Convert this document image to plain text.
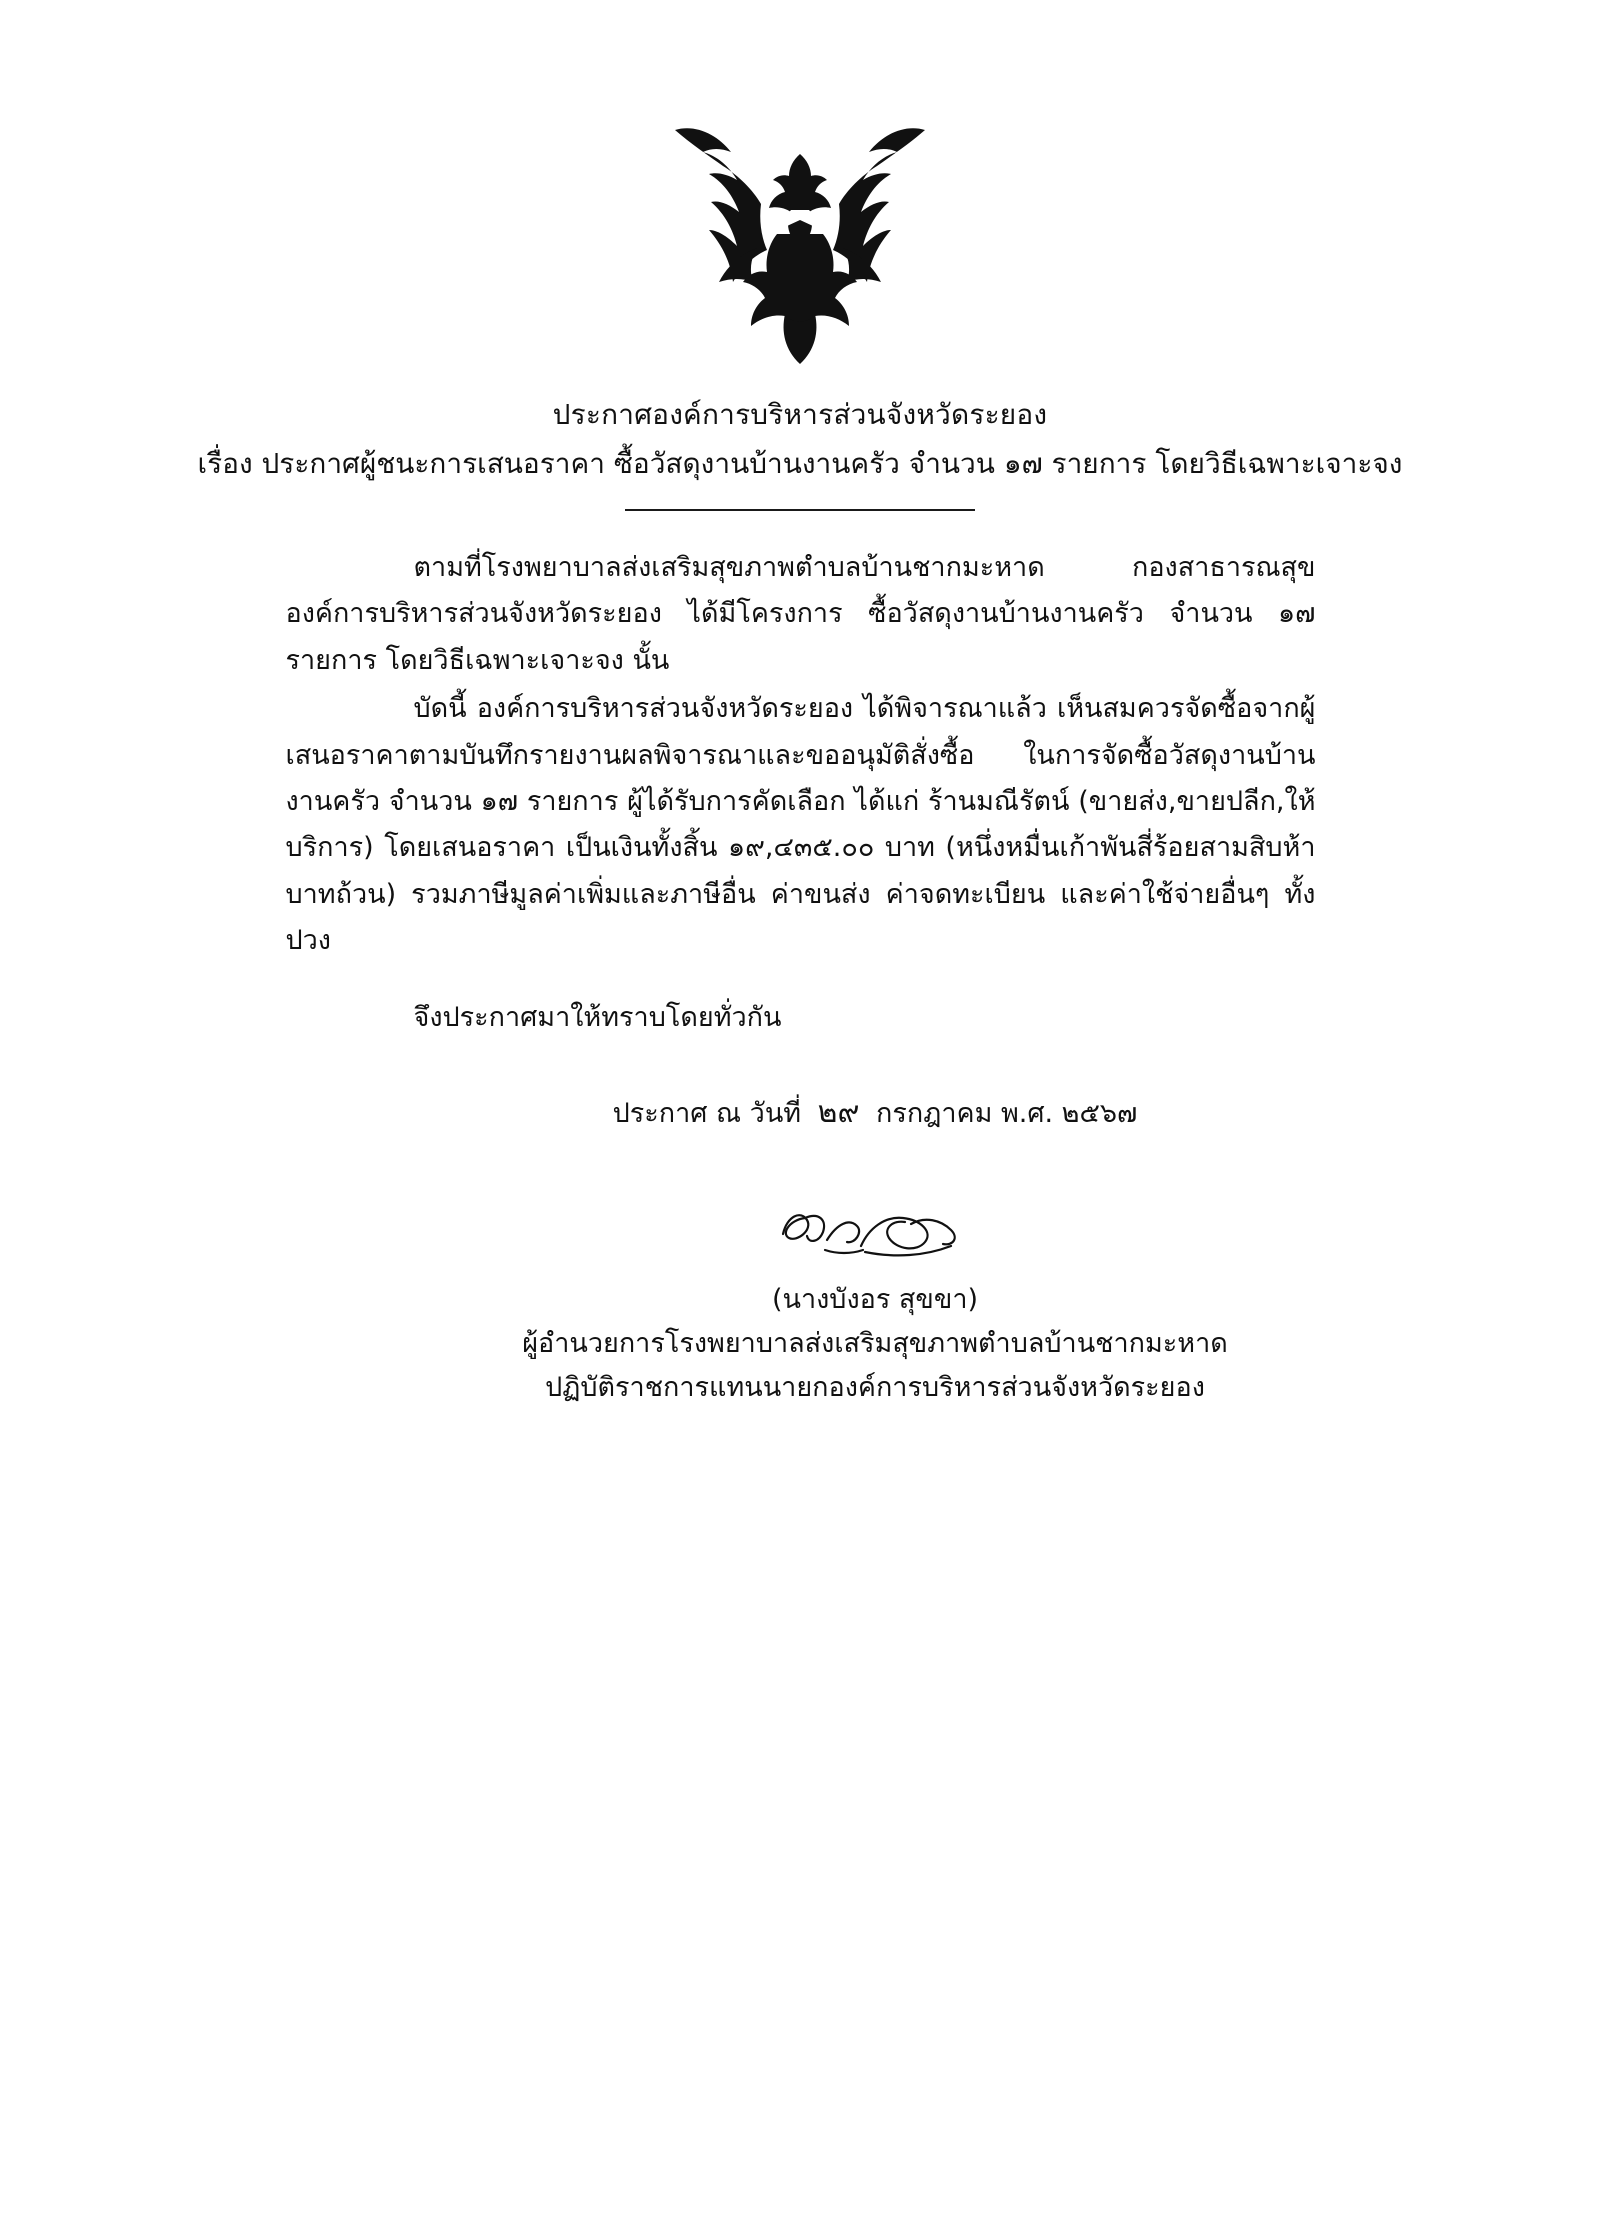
ประกาศองค์การบริหารส่วนจังหวัดระยอง
เรื่อง ประกาศผู้ชนะการเสนอราคา ซื้อวัสดุงานบ้านงานครัว จำนวน ๑๗ รายการ โดยวิธีเฉพาะเจาะจง

ตามที่โรงพยาบาลส่งเสริมสุขภาพตำบลบ้านชากมะหาด กองสาธารณสุข องค์การบริหารส่วนจังหวัดระยอง ได้มีโครงการ ซื้อวัสดุงานบ้านงานครัว จำนวน ๑๗ รายการ โดยวิธีเฉพาะเจาะจง นั้น

บัดนี้ องค์การบริหารส่วนจังหวัดระยอง ได้พิจารณาแล้ว เห็นสมควรจัดซื้อจากผู้เสนอราคาตามบันทึกรายงานผลพิจารณาและขออนุมัติสั่งซื้อ ในการจัดซื้อวัสดุงานบ้านงานครัว จำนวน ๑๗ รายการ ผู้ได้รับการคัดเลือก ได้แก่ ร้านมณีรัตน์ (ขายส่ง,ขายปลีก,ให้บริการ) โดยเสนอราคา เป็นเงินทั้งสิ้น ๑๙,๔๓๕.๐๐ บาท (หนึ่งหมื่นเก้าพันสี่ร้อยสามสิบห้าบาทถ้วน) รวมภาษีมูลค่าเพิ่มและภาษีอื่น ค่าขนส่ง ค่าจดทะเบียน และค่าใช้จ่ายอื่นๆ ทั้งปวง

จึงประกาศมาให้ทราบโดยทั่วกัน

ประกาศ ณ วันที่ ๒๙ กรกฎาคม พ.ศ. ๒๕๖๗
(นางบังอร สุขขา)
ผู้อำนวยการโรงพยาบาลส่งเสริมสุขภาพตำบลบ้านชากมะหาด
ปฏิบัติราชการแทนนายกองค์การบริหารส่วนจังหวัดระยอง
